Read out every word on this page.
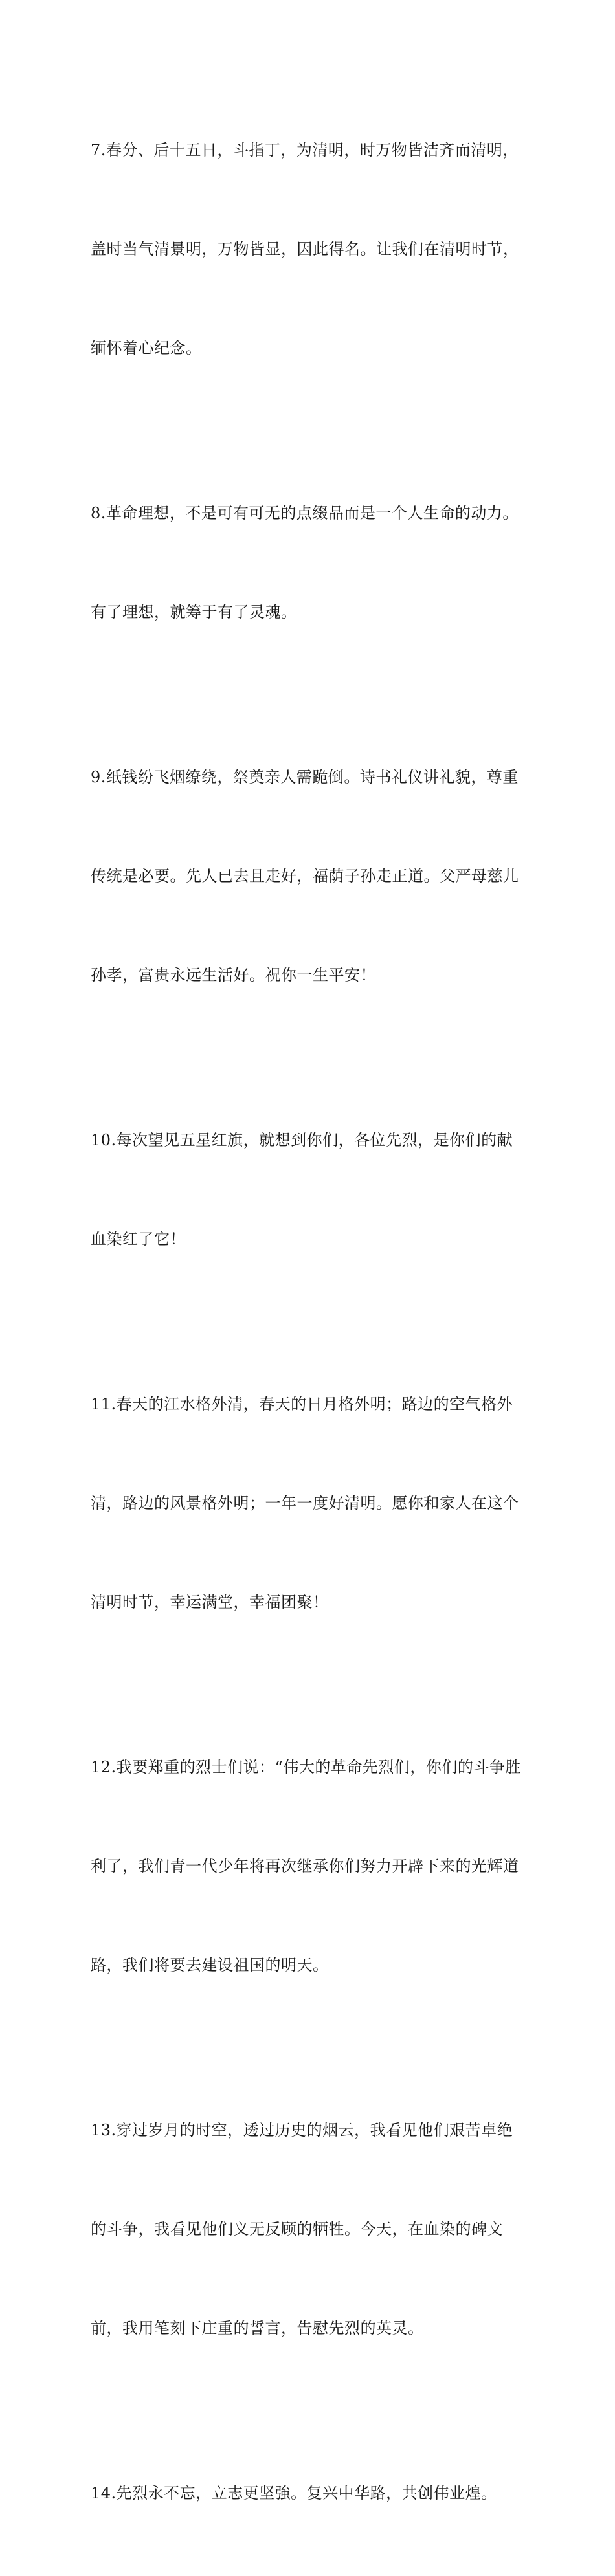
7.春分、后十五日，斗指丁，为清明，时万物皆洁齐而清明，

盖时当气清景明，万物皆显，因此得名。让我们在清明时节，

缅怀着心纪念。

8.革命理想，不是可有可无的点缀品而是一个人生命的动力。

有了理想，就筹于有了灵魂。

9.纸钱纷飞烟缭绕，祭奠亲人需跪倒。诗书礼仪讲礼貌，尊重

传统是必要。先人已去且走好，福荫子孙走正道。父严母慈儿

孙孝，富贵永远生活好。祝你一生平安！

10.每次望见五星红旗，就想到你们，各位先烈，是你们的献

血染红了它！

11.春天的江水格外清，春天的日月格外明；路边的空气格外

清，路边的风景格外明；一年一度好清明。愿你和家人在这个

清明时节，幸运满堂，幸福团聚！

12.我要郑重的烈士们说：“伟大的革命先烈们，你们的斗争胜

利了，我们青一代少年将再次继承你们努力开辟下来的光辉道

路，我们将要去建设祖国的明天。

13.穿过岁月的时空，透过历史的烟云，我看见他们艰苦卓绝

的斗争，我看见他们义无反顾的牺牲。今天，在血染的碑文

前，我用笔刻下庄重的誓言，告慰先烈的英灵。

14.先烈永不忘，立志更坚強。复兴中华路，共创伟业煌。
